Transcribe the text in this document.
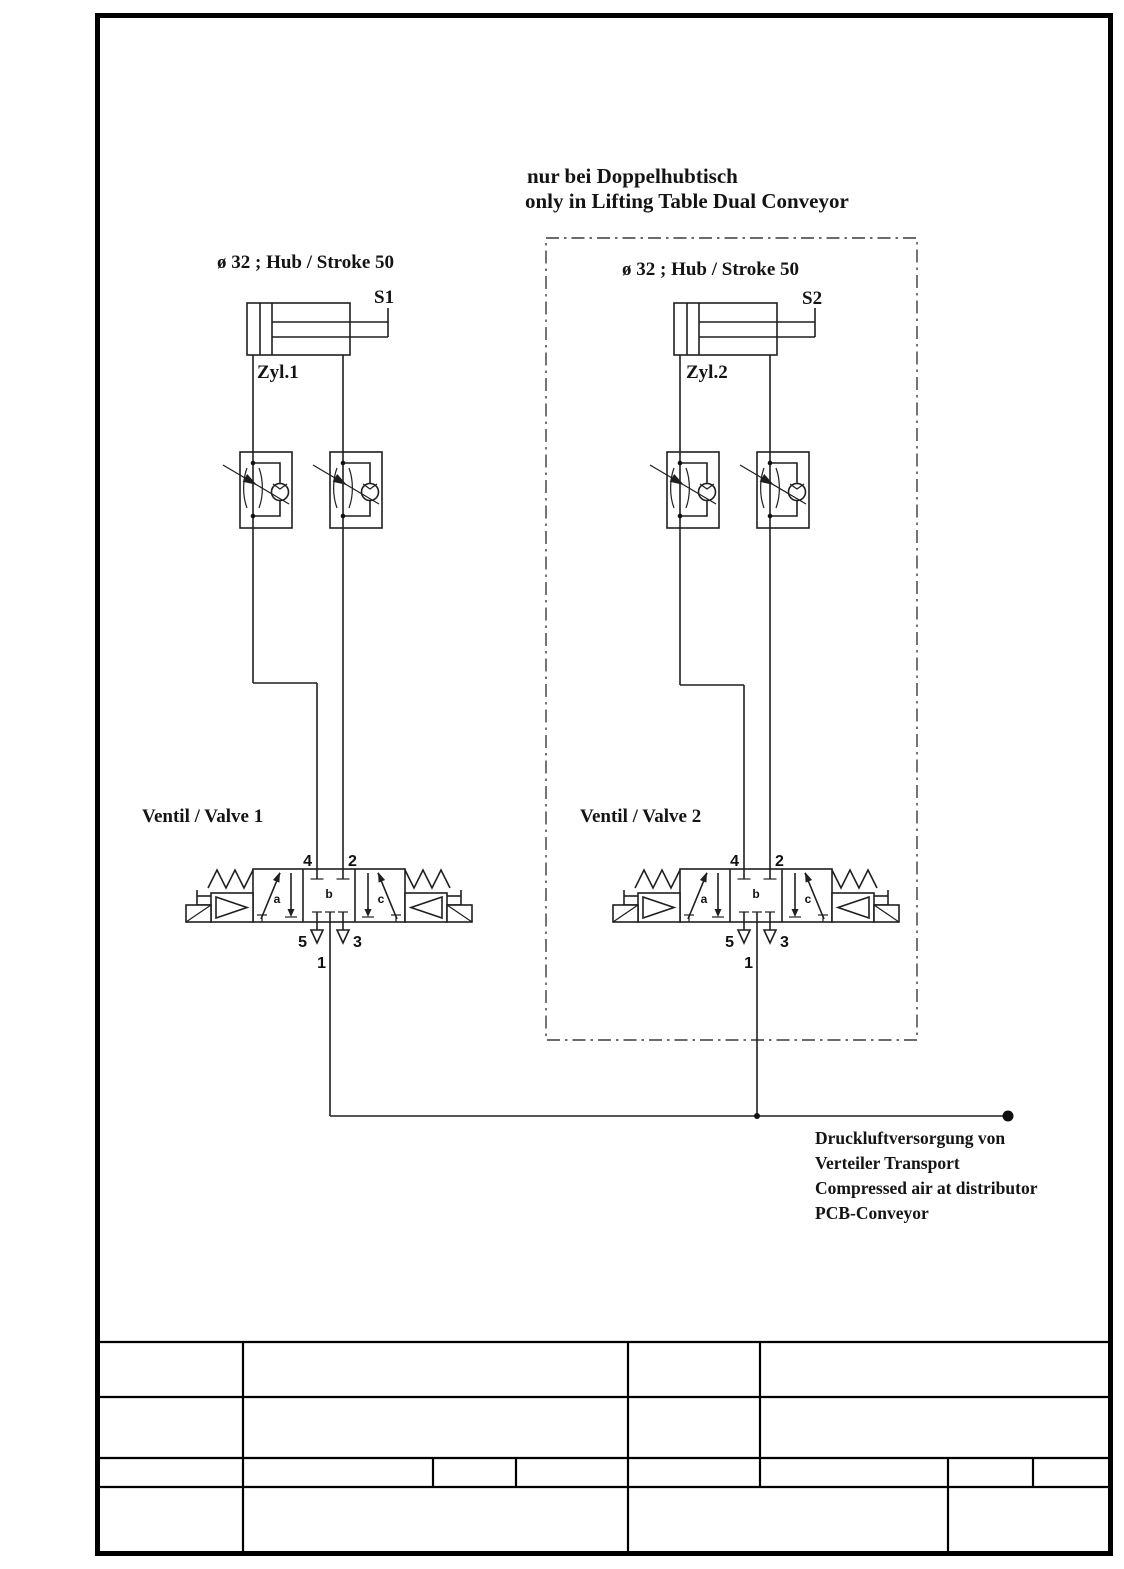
4 2
5	3
1
a	b	c
4 2
5	3
1
a	b	c
nur bei Doppelhubtisch
only in Lifting Table Dual Conveyor
ø 32 ; Hub / Stroke 50
S1
Zyl.1
ø 32 ; Hub / Stroke 50
S2
Zyl.2
Ventil / Valve 1	Ventil / Valve 2
Druckluftversorgung von
Verteiler Transport
Compressed air at distributor
PCB-Conveyor
